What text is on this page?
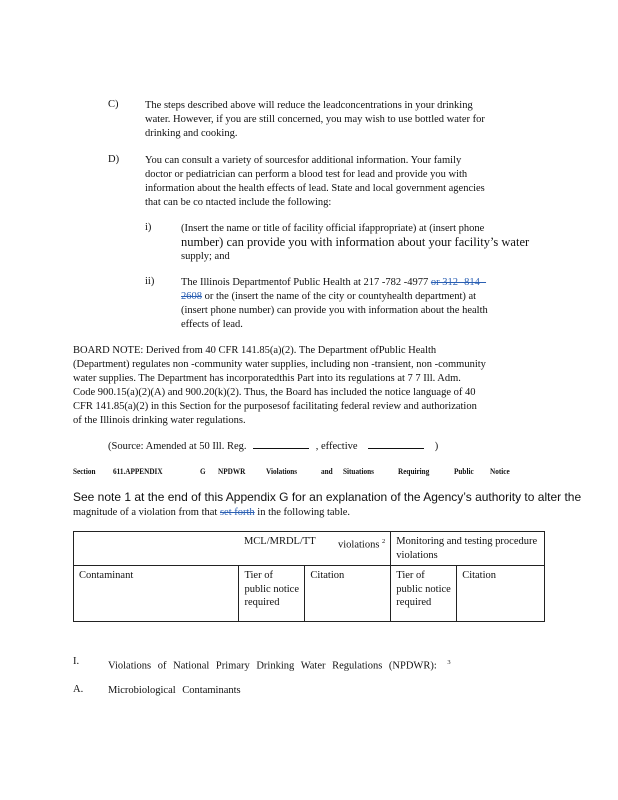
C)	The steps described above will reduce the leadconcentrations in your drinking
water. However, if you are still concerned, you may wish to use bottled water for
drinking and cooking.
D) You can consult a variety of sourcesfor additional information. Your family
doctor or pediatrician can perform a blood test for lead and provide you with
information about the health effects of lead. State and local government agencies
that can be co ntacted include the following:
i)	(Insert the name or title of facility official ifappropriate) at (insert phone
number) can provide you with information about your facility’s water
supply; and
ii)	The Illinois Departmentof Public Health at 217 -782 -4977 or 312 -814 -
2608 or the (insert the name of the city or countyhealth department) at
(insert phone number) can provide you with information about the health
effects of lead.
BOARD NOTE: Derived from 40 CFR 141.85(a)(2). The Department ofPublic Health
(Department) regulates non -community water supplies, including non -transient, non -community
water supplies. The Department has incorporatedthis Part into its regulations at 7 7 Ill. Adm.
Code 900.15(a)(2)(A) and 900.20(k)(2). Thus, the Board has included the notice language of 40
CFR 141.85(a)(2) in this Section for the purposesof facilitating federal review and authorization
of the Illinois drinking water regulations.
(Source: Amended at 50 Ill. Reg.	, effective	)
Section 611.APPENDIX	G NPDWR Violations	and Situations	Requiring	Public Notice
See note 1 at the end of this Appendix G for an explanation of the Agency’s authority to alter the
magnitude of a violation from that set forth in the following table.

	MCL/MRDL/TT violations $^2$		Monitoring and testing procedure violations	
Contaminant	Tier of public notice required	Citation	Tier of public notice required	Citation
I.	Violations of National Primary Drinking Water Regulations (NPDWR): $^3$
A. Microbiological Contaminants
